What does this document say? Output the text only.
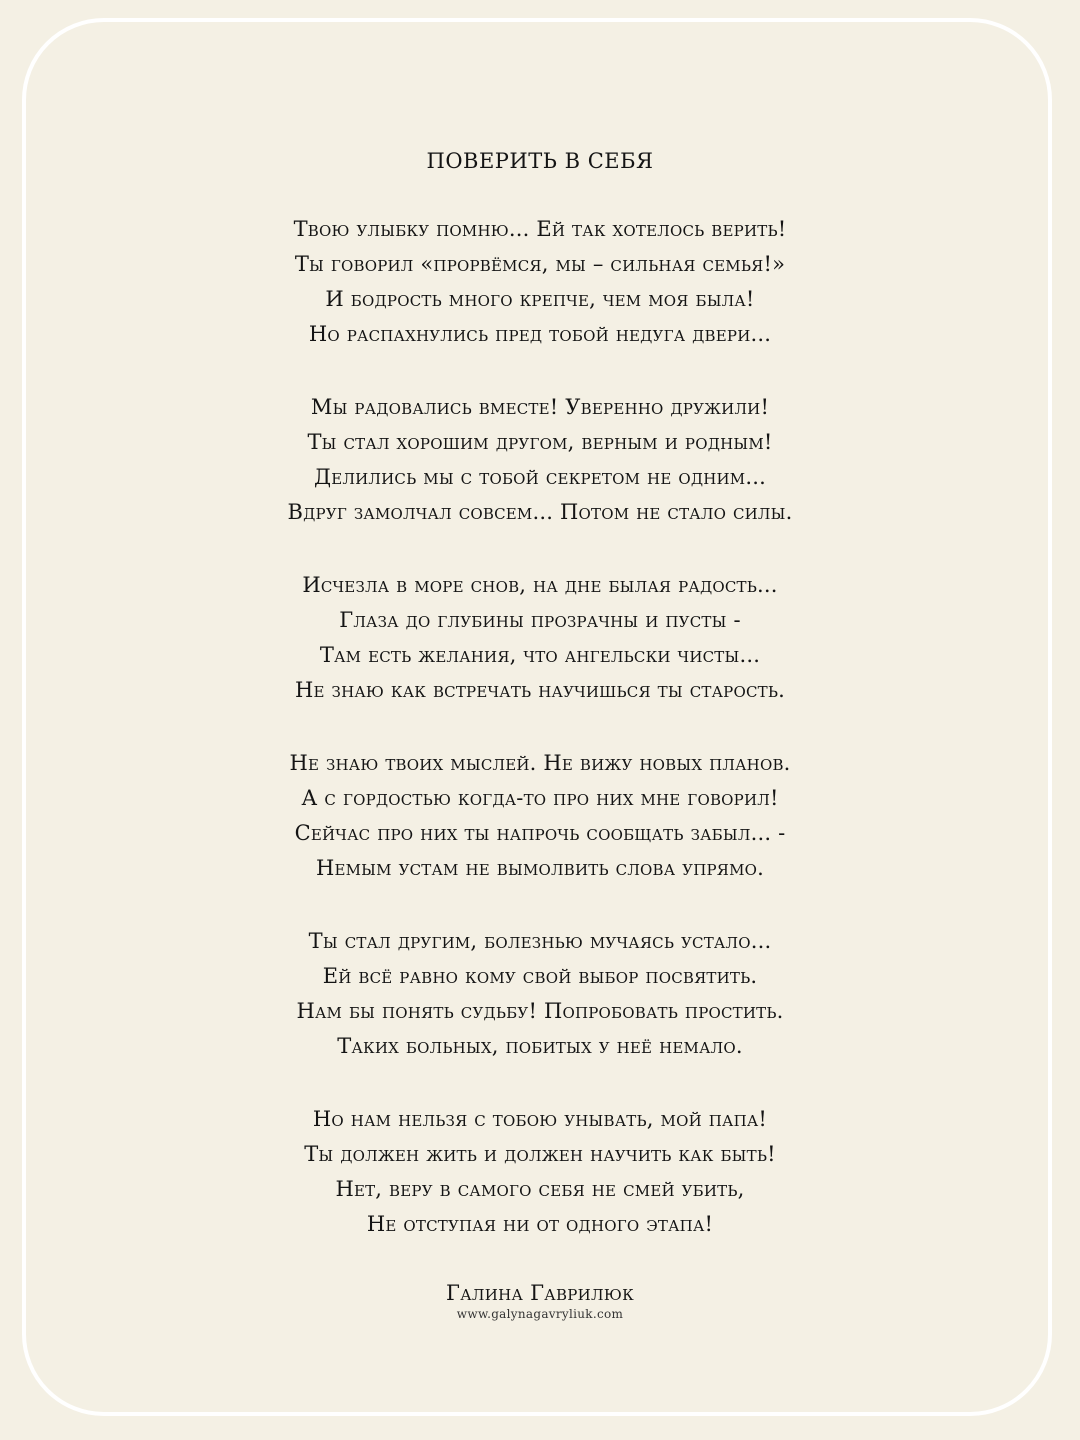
ПОВЕРИТЬ В СЕБЯ
Твою улыбку помню... Ей так хотелось верить!
Ты говорил «прорвёмся, мы – сильная семья!»
И бодрость много крепче, чем моя была!
Но распахнулись пред тобой недуга двери...
Мы радовались вместе! Уверенно дружили!
Ты стал хорошим другом, верным и родным!
Делились мы с тобой секретом не одним...
Вдруг замолчал совсем... Потом не стало силы.
Исчезла в море снов, на дне былая радость...
Глаза до глубины прозрачны и пусты -
Там есть желания, что ангельски чисты...
Не знаю как встречать научишься ты старость.
Не знаю твоих мыслей. Не вижу новых планов.
А с гордостью когда-то про них мне говорил!
Сейчас про них ты напрочь сообщать забыл... -
Немым устам не вымолвить слова упрямо.
Ты стал другим, болезнью мучаясь устало...
Ей всё равно кому свой выбор посвятить.
Нам бы понять судьбу! Попробовать простить.
Таких больных, побитых у неё немало.
Но нам нельзя с тобою унывать, мой папа!
Ты должен жить и должен научить как быть!
Нет, веру в самого себя не смей убить,
Не отступая ни от одного этапа!
Галина Гаврилюк
www.galynagavryliuk.com
